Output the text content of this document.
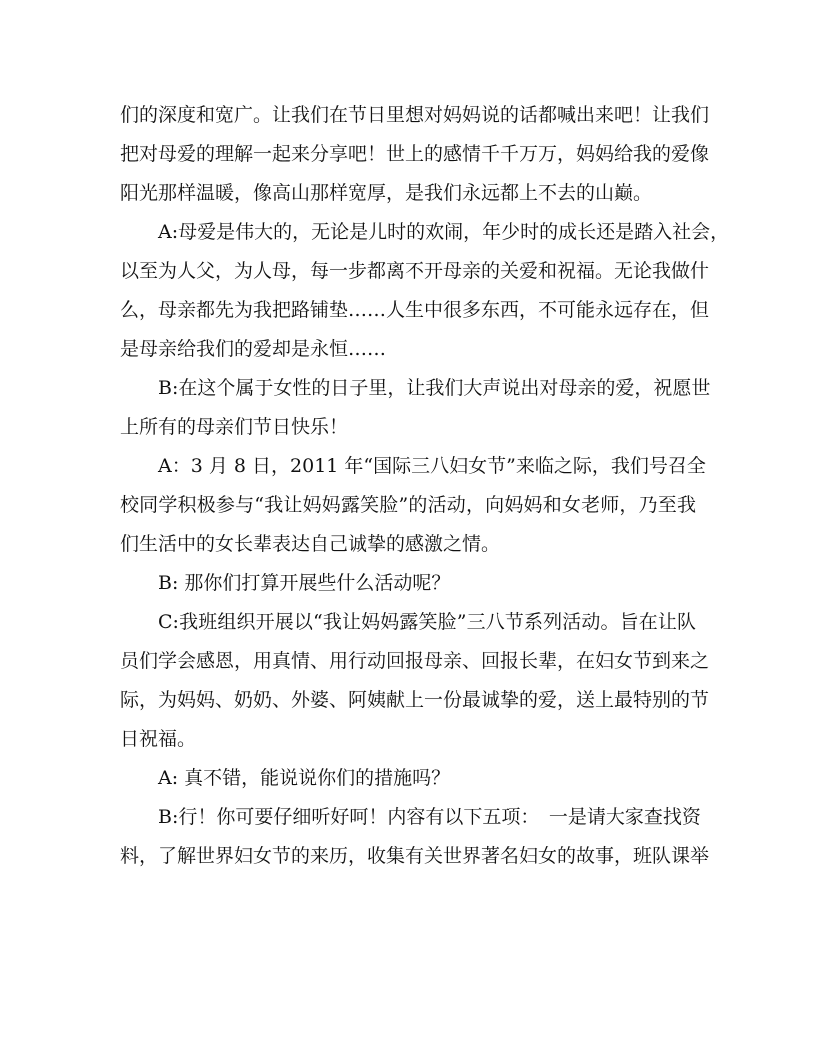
们的深度和宽广。让我们在节日里想对妈妈说的话都喊出来吧！让我们
把对母爱的理解一起来分享吧！世上的感情千千万万，妈妈给我的爱像
阳光那样温暖，像高山那样宽厚，是我们永远都上不去的山巅。
A:母爱是伟大的，无论是儿时的欢闹，年少时的成长还是踏入社会，
以至为人父，为人母，每一步都离不开母亲的关爱和祝福。无论我做什
么，母亲都先为我把路铺垫……人生中很多东西，不可能永远存在，但
是母亲给我们的爱却是永恒……
B:在这个属于女性的日子里，让我们大声说出对母亲的爱，祝愿世
上所有的母亲们节日快乐！
A：3 月 8 日，2011 年“国际三八妇女节”来临之际，我们号召全
校同学积极参与“我让妈妈露笑脸”的活动，向妈妈和女老师，乃至我
们生活中的女长辈表达自己诚挚的感激之情。
B: 那你们打算开展些什么活动呢？
C:我班组织开展以“我让妈妈露笑脸”三八节系列活动。旨在让队
员们学会感恩，用真情、用行动回报母亲、回报长辈，在妇女节到来之
际，为妈妈、奶奶、外婆、阿姨献上一份最诚挚的爱，送上最特别的节
日祝福。
A: 真不错，能说说你们的措施吗？
B:行！你可要仔细听好呵！内容有以下五项：　一是请大家查找资
料，了解世界妇女节的来历，收集有关世界著名妇女的故事，班队课举
